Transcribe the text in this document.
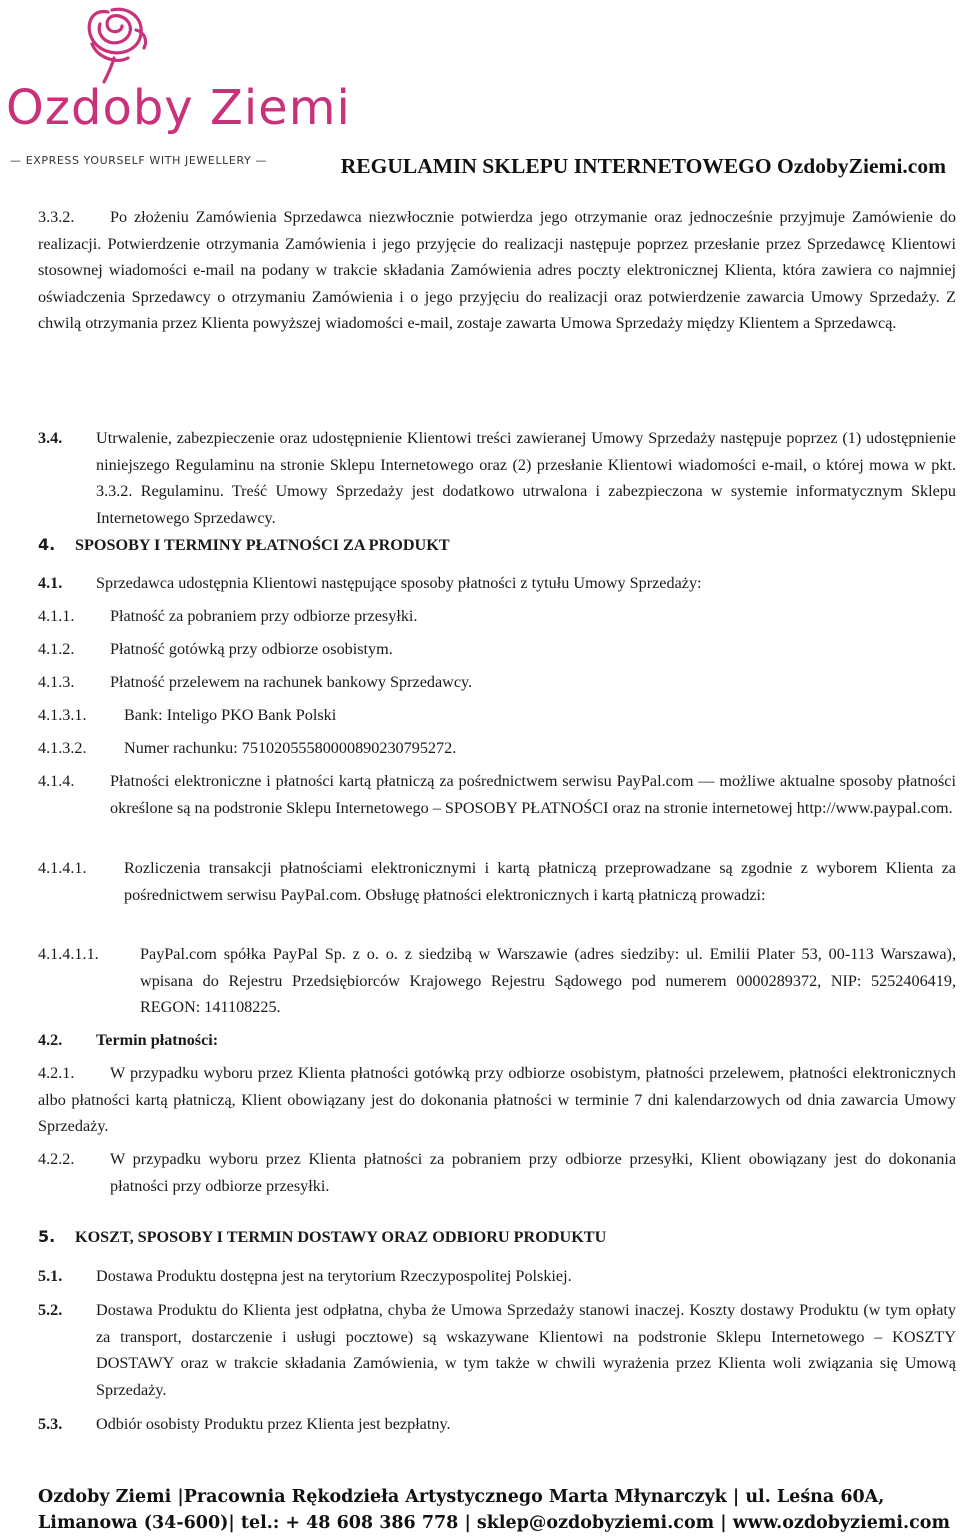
Ozdoby Ziemi
— EXPRESS YOURSELF WITH JEWELLERY —	REGULAMIN SKLEPU INTERNETOWEGO OzdobyZiemi.com
3.3.2.	Po złożeniu Zamówienia Sprzedawca niezwłocznie potwierdza jego otrzymanie oraz jednocześnie przyjmuje Zamówienie do realizacji. Potwierdzenie otrzymania Zamówienia i jego przyjęcie do realizacji następuje poprzez przesłanie przez Sprzedawcę Klientowi stosownej wiadomości e-mail na podany w trakcie składania Zamówienia adres poczty elektronicznej Klienta, która zawiera co najmniej oświadczenia Sprzedawcy o otrzymaniu Zamówienia i o jego przyjęciu do realizacji oraz potwierdzenie zawarcia Umowy Sprzedaży. Z chwilą otrzymania przez Klienta powyższej wiadomości e-mail, zostaje zawarta Umowa Sprzedaży między Klientem a Sprzedawcą.
3.4. Utrwalenie, zabezpieczenie oraz udostępnienie Klientowi treści zawieranej Umowy Sprzedaży następuje poprzez (1) udostępnienie niniejszego Regulaminu na stronie Sklepu Internetowego oraz (2) przesłanie Klientowi wiadomości e-mail, o której mowa w pkt. 3.3.2. Regulaminu. Treść Umowy Sprzedaży jest dodatkowo utrwalona i zabezpieczona w systemie informatycznym Sklepu Internetowego Sprzedawcy.
4. SPOSOBY I TERMINY PŁATNOŚCI ZA PRODUKT
4.1. Sprzedawca udostępnia Klientowi następujące sposoby płatności z tytułu Umowy Sprzedaży:
4.1.1. Płatność za pobraniem przy odbiorze przesyłki.
4.1.2. Płatność gotówką przy odbiorze osobistym.
4.1.3. Płatność przelewem na rachunek bankowy Sprzedawcy.
4.1.3.1. Bank: Inteligo PKO Bank Polski
4.1.3.2. Numer rachunku: 75102055580000890230795272.
4.1.4. Płatności elektroniczne i płatności kartą płatniczą za pośrednictwem serwisu PayPal.com — możliwe aktualne sposoby płatności określone są na podstronie Sklepu Internetowego – SPOSOBY PŁATNOŚCI oraz na stronie internetowej http://www.paypal.com.
4.1.4.1. Rozliczenia transakcji płatnościami elektronicznymi i kartą płatniczą przeprowadzane są zgodnie z wyborem Klienta za pośrednictwem serwisu PayPal.com. Obsługę płatności elektronicznych i kartą płatniczą prowadzi:
4.1.4.1.1.	PayPal.com spółka PayPal Sp. z o. o. z siedzibą w Warszawie (adres siedziby: ul. Emilii Plater 53, 00-113 Warszawa), wpisana do Rejestru Przedsiębiorców Krajowego Rejestru Sądowego pod numerem 0000289372, NIP: 5252406419, REGON: 141108225.
4.2. Termin płatności:
4.2.1.	W przypadku wyboru przez Klienta płatności gotówką przy odbiorze osobistym, płatności przelewem, płatności elektronicznych albo płatności kartą płatniczą, Klient obowiązany jest do dokonania płatności w terminie 7 dni kalendarzowych od dnia zawarcia Umowy Sprzedaży.
4.2.2. W przypadku wyboru przez Klienta płatności za pobraniem przy odbiorze przesyłki, Klient obowiązany jest do dokonania płatności przy odbiorze przesyłki.
5. KOSZT, SPOSOBY I TERMIN DOSTAWY ORAZ ODBIORU PRODUKTU
5.1. Dostawa Produktu dostępna jest na terytorium Rzeczypospolitej Polskiej.
5.2. Dostawa Produktu do Klienta jest odpłatna, chyba że Umowa Sprzedaży stanowi inaczej. Koszty dostawy Produktu (w tym opłaty za transport, dostarczenie i usługi pocztowe) są wskazywane Klientowi na podstronie Sklepu Internetowego – KOSZTY DOSTAWY oraz w trakcie składania Zamówienia, w tym także w chwili wyrażenia przez Klienta woli związania się Umową Sprzedaży.
5.3. Odbiór osobisty Produktu przez Klienta jest bezpłatny.
Ozdoby Ziemi |Pracownia Rękodzieła Artystycznego Marta Młynarczyk | ul. Leśna 60A,
Limanowa (34-600)| tel.: + 48 608 386 778 | sklep@ozdobyziemi.com | www.ozdobyziemi.com
